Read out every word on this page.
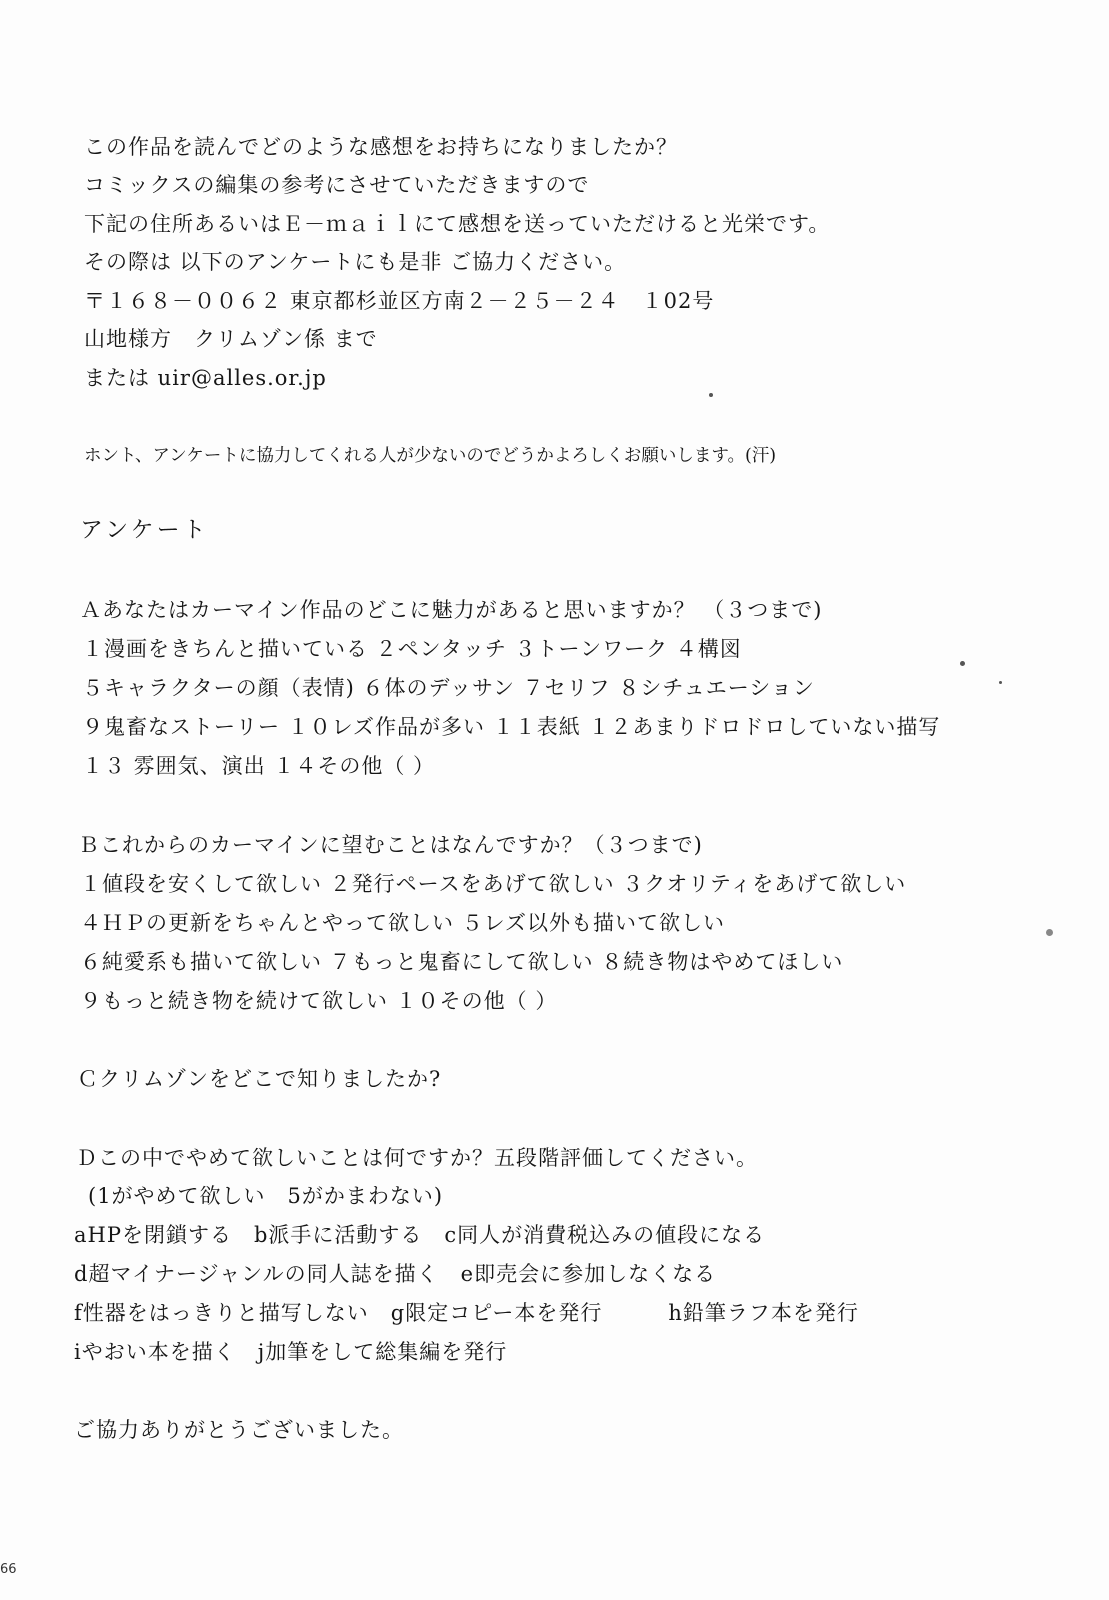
この作品を読んでどのような感想をお持ちになりましたか？
コミックスの編集の参考にさせていただきますので
下記の住所あるいはＥ－ｍａｉｌにて感想を送っていただけると光栄です。
その際は 以下のアンケートにも是非 ご協力ください。
〒１６８－００６２ 東京都杉並区方南２－２５－２４　１02号
山地様方　クリムゾン係 まで
または uir@alles.or.jp
ホント、アンケートに協力してくれる人が少ないのでどうかよろしくお願いします。(汗)
アンケート
Ａあなたはカーマイン作品のどこに魅力があると思いますか？ （３つまで)
１漫画をきちんと描いている ２ペンタッチ ３トーンワーク ４構図
５キャラクターの顔（表情) ６体のデッサン ７セリフ ８シチュエーション
９鬼畜なストーリー １０レズ作品が多い １１表紙 １２あまりドロドロしていない描写
１３ 雰囲気、演出 １４その他（ ）
Ｂこれからのカーマインに望むことはなんですか？（３つまで)
１値段を安くして欲しい ２発行ペースをあげて欲しい ３クオリティをあげて欲しい
４ＨＰの更新をちゃんとやって欲しい ５レズ以外も描いて欲しい
６純愛系も描いて欲しい ７もっと鬼畜にして欲しい ８続き物はやめてほしい
９もっと続き物を続けて欲しい １０その他（ ）
Ｃクリムゾンをどこで知りましたか?
Ｄこの中でやめて欲しいことは何ですか？五段階評価してください。
(1がやめて欲しい　5がかまわない)
aHPを閉鎖する　b派手に活動する　c同人が消費税込みの値段になる
d超マイナージャンルの同人誌を描く　e即売会に参加しなくなる
f性器をはっきりと描写しない　g限定コピー本を発行　　　h鉛筆ラフ本を発行
iやおい本を描く　j加筆をして総集編を発行
ご協力ありがとうございました。
66
